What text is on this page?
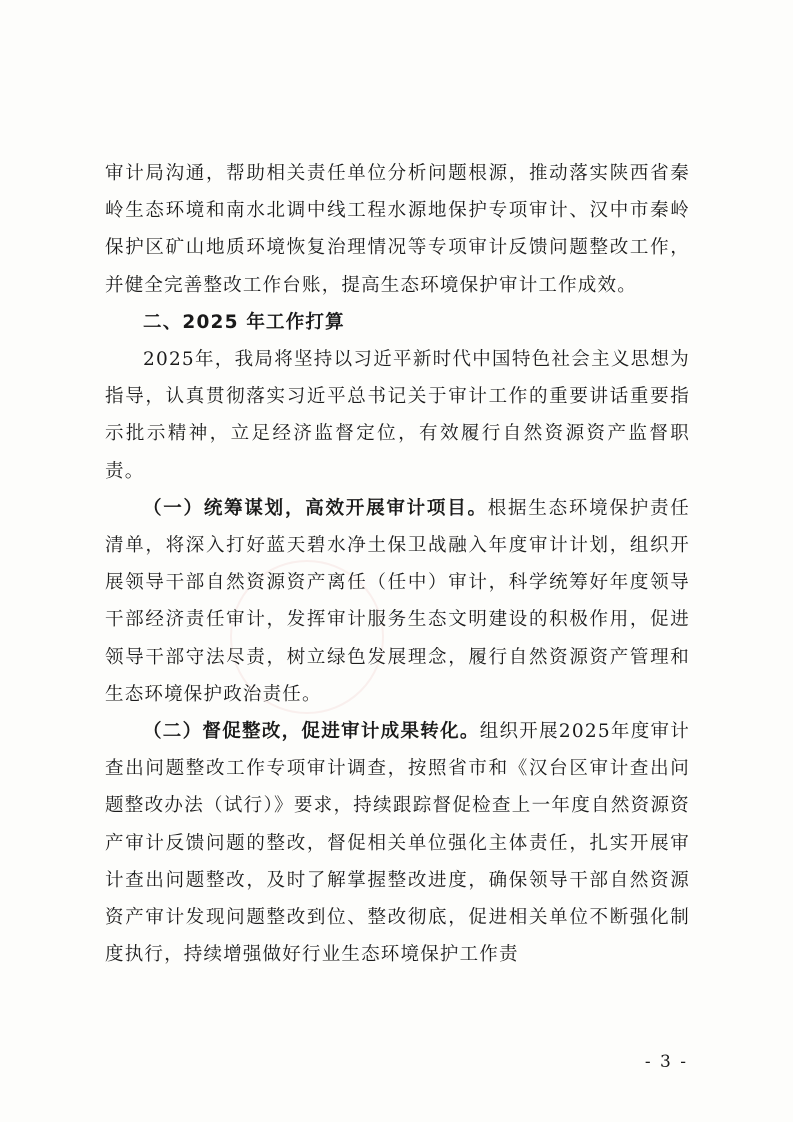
审计局沟通，帮助相关责任单位分析问题根源，推动落实陕西省秦岭生态环境和南水北调中线工程水源地保护专项审计、汉中市秦岭保护区矿山地质环境恢复治理情况等专项审计反馈问题整改工作，并健全完善整改工作台账，提高生态环境保护审计工作成效。

二、2025 年工作打算

2025年，我局将坚持以习近平新时代中国特色社会主义思想为指导，认真贯彻落实习近平总书记关于审计工作的重要讲话重要指示批示精神，立足经济监督定位，有效履行自然资源资产监督职责。

（一）统筹谋划，高效开展审计项目。根据生态环境保护责任清单，将深入打好蓝天碧水净土保卫战融入年度审计计划，组织开展领导干部自然资源资产离任（任中）审计，科学统筹好年度领导干部经济责任审计，发挥审计服务生态文明建设的积极作用，促进领导干部守法尽责，树立绿色发展理念，履行自然资源资产管理和生态环境保护政治责任。

（二）督促整改，促进审计成果转化。组织开展2025年度审计查出问题整改工作专项审计调查，按照省市和《汉台区审计查出问题整改办法（试行）》要求，持续跟踪督促检查上一年度自然资源资产审计反馈问题的整改，督促相关单位强化主体责任，扎实开展审计查出问题整改，及时了解掌握整改进度，确保领导干部自然资源资产审计发现问题整改到位、整改彻底，促进相关单位不断强化制度执行，持续增强做好行业生态环境保护工作责

- 3 -
